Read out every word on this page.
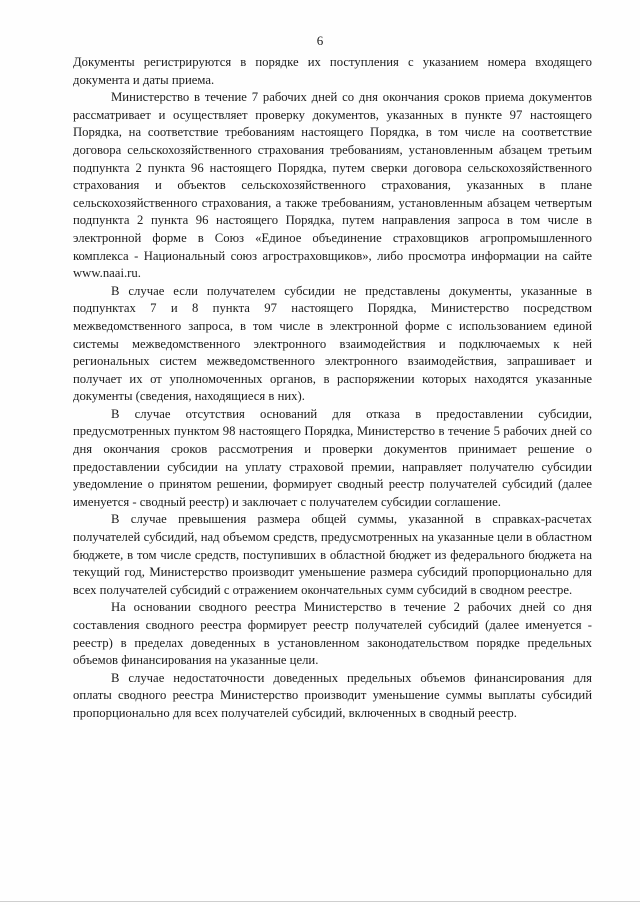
6

Документы регистрируются в порядке их поступления с указанием номера входящего документа и даты приема.

Министерство в течение 7 рабочих дней со дня окончания сроков приема документов рассматривает и осуществляет проверку документов, указанных в пункте 97 настоящего Порядка, на соответствие требованиям настоящего Порядка, в том числе на соответствие договора сельскохозяйственного страхования требованиям, установленным абзацем третьим подпункта 2 пункта 96 настоящего Порядка, путем сверки договора сельскохозяйственного страхования и объектов сельскохозяйственного страхования, указанных в плане сельскохозяйственного страхования, а также требованиям, установленным абзацем четвертым подпункта 2 пункта 96 настоящего Порядка, путем направления запроса в том числе в электронной форме в Союз «Единое объединение страховщиков агропромышленного комплекса - Национальный союз агростраховщиков», либо просмотра информации на сайте www.naai.ru.

В случае если получателем субсидии не представлены документы, указанные в подпунктах 7 и 8 пункта 97 настоящего Порядка, Министерство посредством межведомственного запроса, в том числе в электронной форме с использованием единой системы межведомственного электронного взаимодействия и подключаемых к ней региональных систем межведомственного электронного взаимодействия, запрашивает и получает их от уполномоченных органов, в распоряжении которых находятся указанные документы (сведения, находящиеся в них).

В случае отсутствия оснований для отказа в предоставлении субсидии, предусмотренных пунктом 98 настоящего Порядка, Министерство в течение 5 рабочих дней со дня окончания сроков рассмотрения и проверки документов принимает решение о предоставлении субсидии на уплату страховой премии, направляет получателю субсидии уведомление о принятом решении, формирует сводный реестр получателей субсидий (далее именуется - сводный реестр) и заключает с получателем субсидии соглашение.

В случае превышения размера общей суммы, указанной в справках-расчетах получателей субсидий, над объемом средств, предусмотренных на указанные цели в областном бюджете, в том числе средств, поступивших в областной бюджет из федерального бюджета на текущий год, Министерство производит уменьшение размера субсидий пропорционально для всех получателей субсидий с отражением окончательных сумм субсидий в сводном реестре.

На основании сводного реестра Министерство в течение 2 рабочих дней со дня составления сводного реестра формирует реестр получателей субсидий (далее именуется - реестр) в пределах доведенных в установленном законодательством порядке предельных объемов финансирования на указанные цели.

В случае недостаточности доведенных предельных объемов финансирования для оплаты сводного реестра Министерство производит уменьшение суммы выплаты субсидий пропорционально для всех получателей субсидий, включенных в сводный реестр.
